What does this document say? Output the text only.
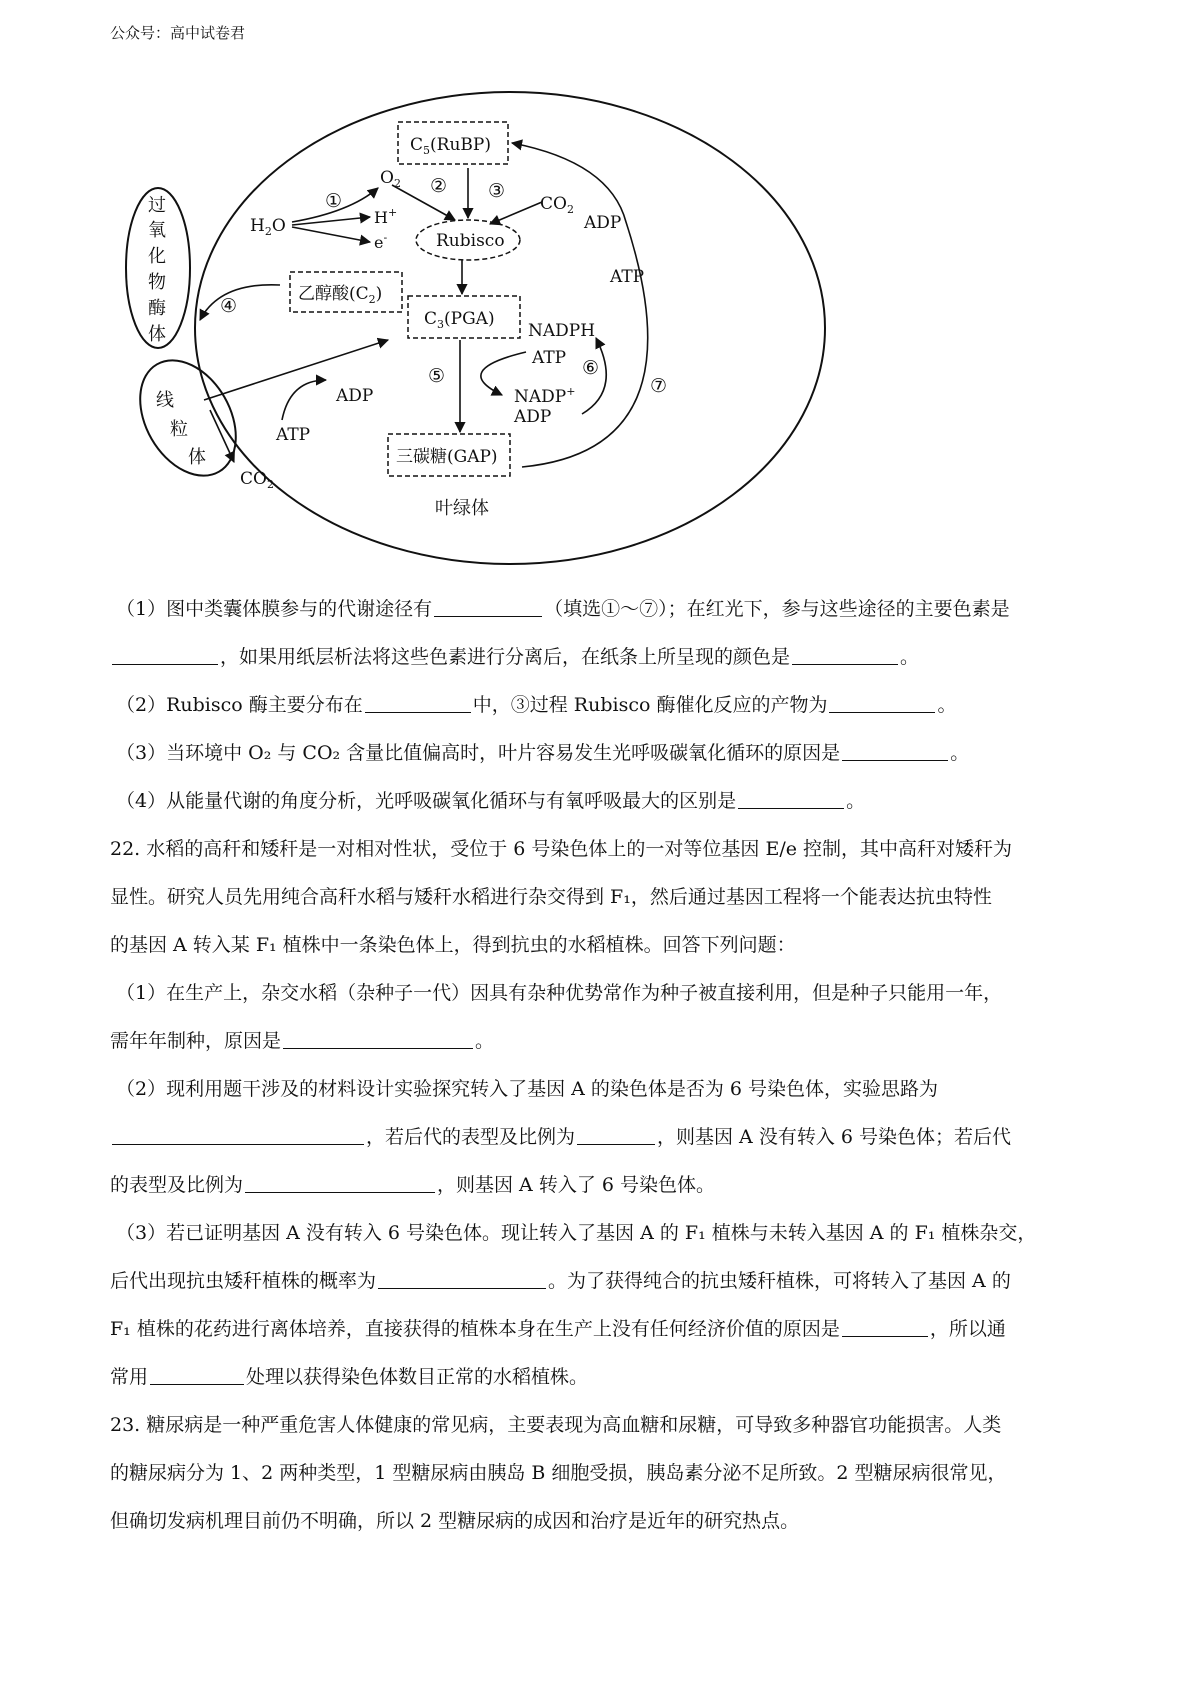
公众号：高中试卷君
叶绿体
过
氧
化
物
酶
体
线
粒
体
$C_5(RuBP)$
Rubisco
乙醇酸$(C_2)$
$C_3(PGA)$
三碳糖(GAP)
$H_2O$	H+
e-
$O_2$
$CO_2$
ADP
ATP
NADPH
ATP
NADP+
ADP
ADP
ATP
$CO_2$
①
② ③
④
⑤	⑥
⑦

（1）图中类囊体膜参与的代谢途径有	（填选①～⑦）；在红光下，参与这些途径的主要色素是

，如果用纸层析法将这些色素进行分离后，在纸条上所呈现的颜色是	。

（2）Rubisco 酶主要分布在	中，③过程 Rubisco 酶催化反应的产物为	。

（3）当环境中 O₂ 与 CO₂ 含量比值偏高时，叶片容易发生光呼吸碳氧化循环的原因是	。

（4）从能量代谢的角度分析，光呼吸碳氧化循环与有氧呼吸最大的区别是	。

22. 水稻的高秆和矮秆是一对相对性状，受位于 6 号染色体上的一对等位基因 E/e 控制，其中高秆对矮秆为

显性。研究人员先用纯合高秆水稻与矮秆水稻进行杂交得到 F₁，然后通过基因工程将一个能表达抗虫特性

的基因 A 转入某 F₁ 植株中一条染色体上，得到抗虫的水稻植株。回答下列问题：

（1）在生产上，杂交水稻（杂种子一代）因具有杂种优势常作为种子被直接利用，但是种子只能用一年，

需年年制种，原因是	。

（2）现利用题干涉及的材料设计实验探究转入了基因 A 的染色体是否为 6 号染色体，实验思路为

，若后代的表型及比例为	，则基因 A 没有转入 6 号染色体；若后代

的表型及比例为	，则基因 A 转入了 6 号染色体。

（3）若已证明基因 A 没有转入 6 号染色体。现让转入了基因 A 的 F₁ 植株与未转入基因 A 的 F₁ 植株杂交，

后代出现抗虫矮秆植株的概率为	。为了获得纯合的抗虫矮秆植株，可将转入了基因 A 的

F₁ 植株的花药进行离体培养，直接获得的植株本身在生产上没有任何经济价值的原因是	，所以通

常用	处理以获得染色体数目正常的水稻植株。

23. 糖尿病是一种严重危害人体健康的常见病，主要表现为高血糖和尿糖，可导致多种器官功能损害。人类

的糖尿病分为 1、2 两种类型，1 型糖尿病由胰岛 B 细胞受损，胰岛素分泌不足所致。2 型糖尿病很常见，

但确切发病机理目前仍不明确，所以 2 型糖尿病的成因和治疗是近年的研究热点。
